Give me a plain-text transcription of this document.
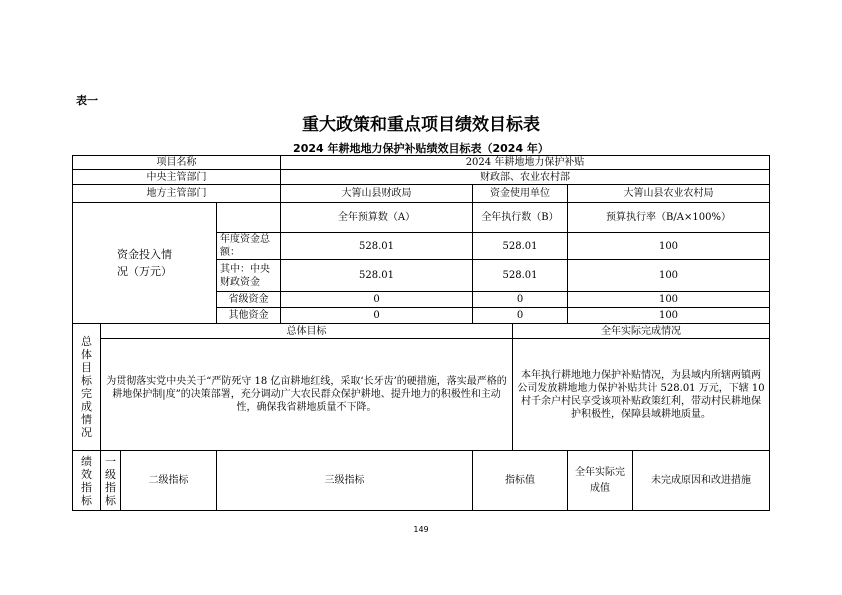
表一
重大政策和重点项目绩效目标表
2024 年耕地地力保护补贴绩效目标表（2024 年）
项目名称				2024 年耕地地力保护补贴				
中央主管部门				财政部、农业农村部				
地方主管部门				大箐山县财政局	资金使用单位		大箐山县农业农村局	
资金投入情况（万元）				全年预算数（A）	全年执行数（B）		预算执行率（B/A×100%）	
			年度资金总额：	528.01	528.01		100	
			其中：中央财政资金	528.01	528.01		100	
			省级资金	0	0		100	
			其他资金	0	0		100	
总体目标完成情况	总体目标					全年实际完成情况		
	为贯彻落实党中央关于“严防死守 18 亿亩耕地红线，采取‘长牙齿’的硬措施，落实最严格的耕地保护制|度”的决策部署，充分调动广大农民群众保护耕地、提升地力的积极性和主动性，确保我省耕地质量不下降。					本年执行耕地地力保护补贴情况，为县域内所辖两镇两公司发放耕地地力保护补贴共计 528.01 万元，下辖 10 村千余户村民享受该项补贴政策红利，带动村民耕地保护积极性，保障县域耕地质量。		
绩效指标	一级指标	二级指标	三级指标		指标值		全年实际完成值	未完成原因和改进措施
149
